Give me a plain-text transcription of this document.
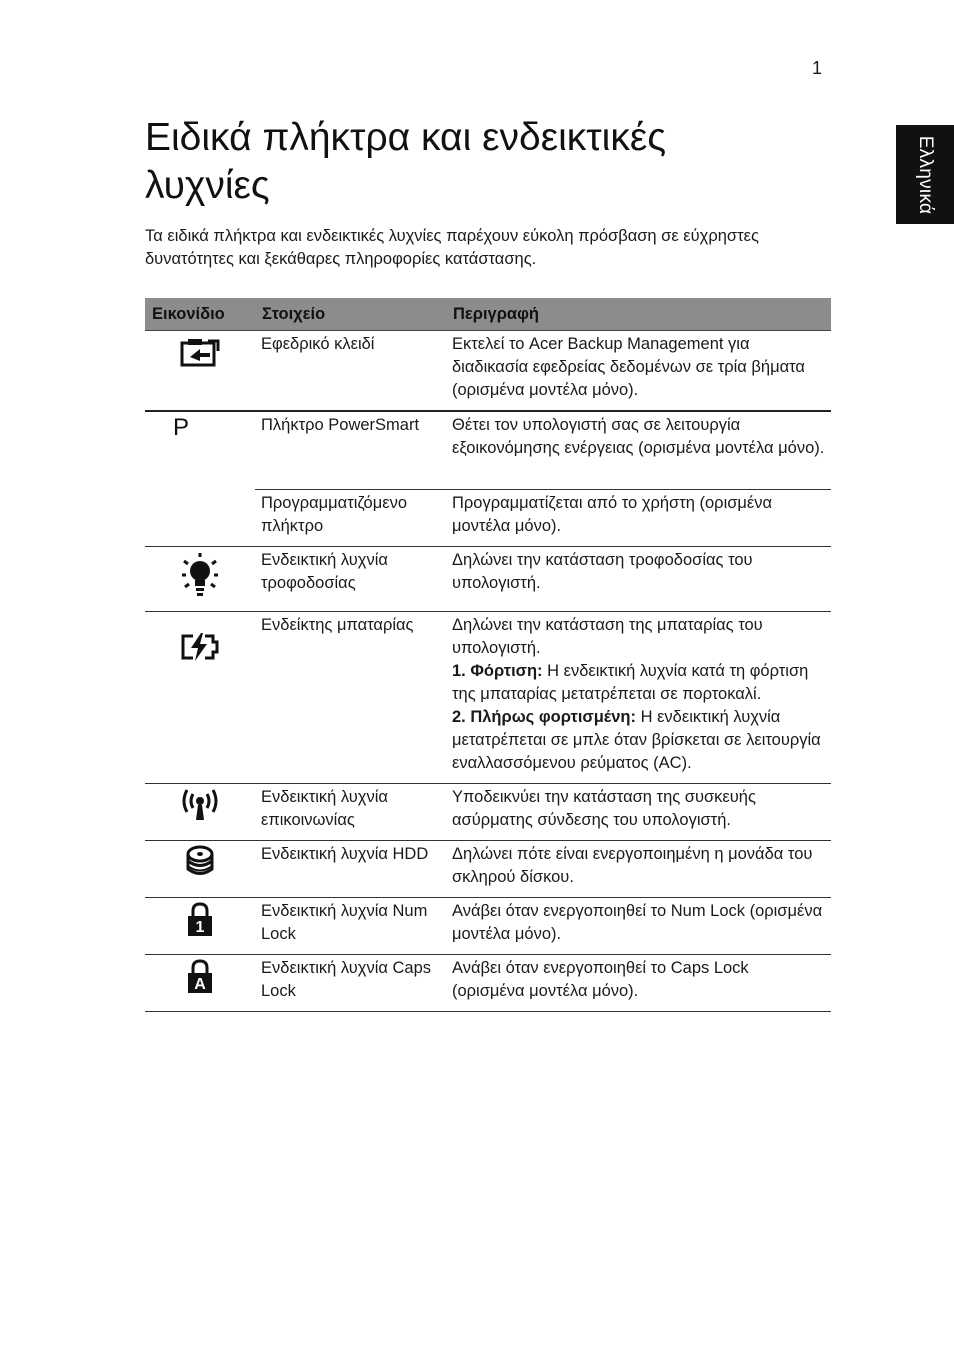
1
Ελληνικά
Ειδικά πλήκτρα και ενδεικτικές λυχνίες

Τα ειδικά πλήκτρα και ενδεικτικές λυχνίες παρέχουν εύκολη πρόσβαση σε εύχρηστες δυνατότητες και ξεκάθαρες πληροφορίες κατάστασης.

Εικονίδιο	Στοιχείο	Περιγραφή

	Εφεδρικό κλειδί	Εκτελεί το Acer Backup Management για διαδικασία εφεδρείας δεδομένων σε τρία βήματα (ορισμένα μοντέλα μόνο).
P	Πλήκτρο PowerSmart	Θέτει τον υπολογιστή σας σε λειτουργία εξοικονόμησης ενέργειας (ορισμένα μοντέλα μόνο).
	Προγραμματιζόμενο πλήκτρο	Προγραμματίζεται από το χρήστη (ορισμένα μοντέλα μόνο).

	Ενδεικτική λυχνία τροφοδοσίας	Δηλώνει την κατάσταση τροφοδοσίας του υπολογιστή.

	Ενδείκτης μπαταρίας	Δηλώνει την κατάσταση της μπαταρίας του υπολογιστή.
1. Φόρτιση: Η ενδεικτική λυχνία κατά τη φόρτιση της μπαταρίας μετατρέπεται σε πορτοκαλί.
2. Πλήρως φορτισμένη: Η ενδεικτική λυχνία μετατρέπεται σε μπλε όταν βρίσκεται σε λειτουργία εναλλασσόμενου ρεύματος (AC).

	Ενδεικτική λυχνία επικοινωνίας	Υποδεικνύει την κατάσταση της συσκευής ασύρματης σύνδεσης του υπολογιστή.

	Ενδεικτική λυχνία HDD	Δηλώνει πότε είναι ενεργοποιημένη η μονάδα του σκληρού δίσκου.

1	Ενδεικτική λυχνία Num Lock	Ανάβει όταν ενεργοποιηθεί το Num Lock (ορισμένα μοντέλα μόνο).

A	Ενδεικτική λυχνία Caps Lock	Ανάβει όταν ενεργοποιηθεί το Caps Lock (ορισμένα μοντέλα μόνο).
